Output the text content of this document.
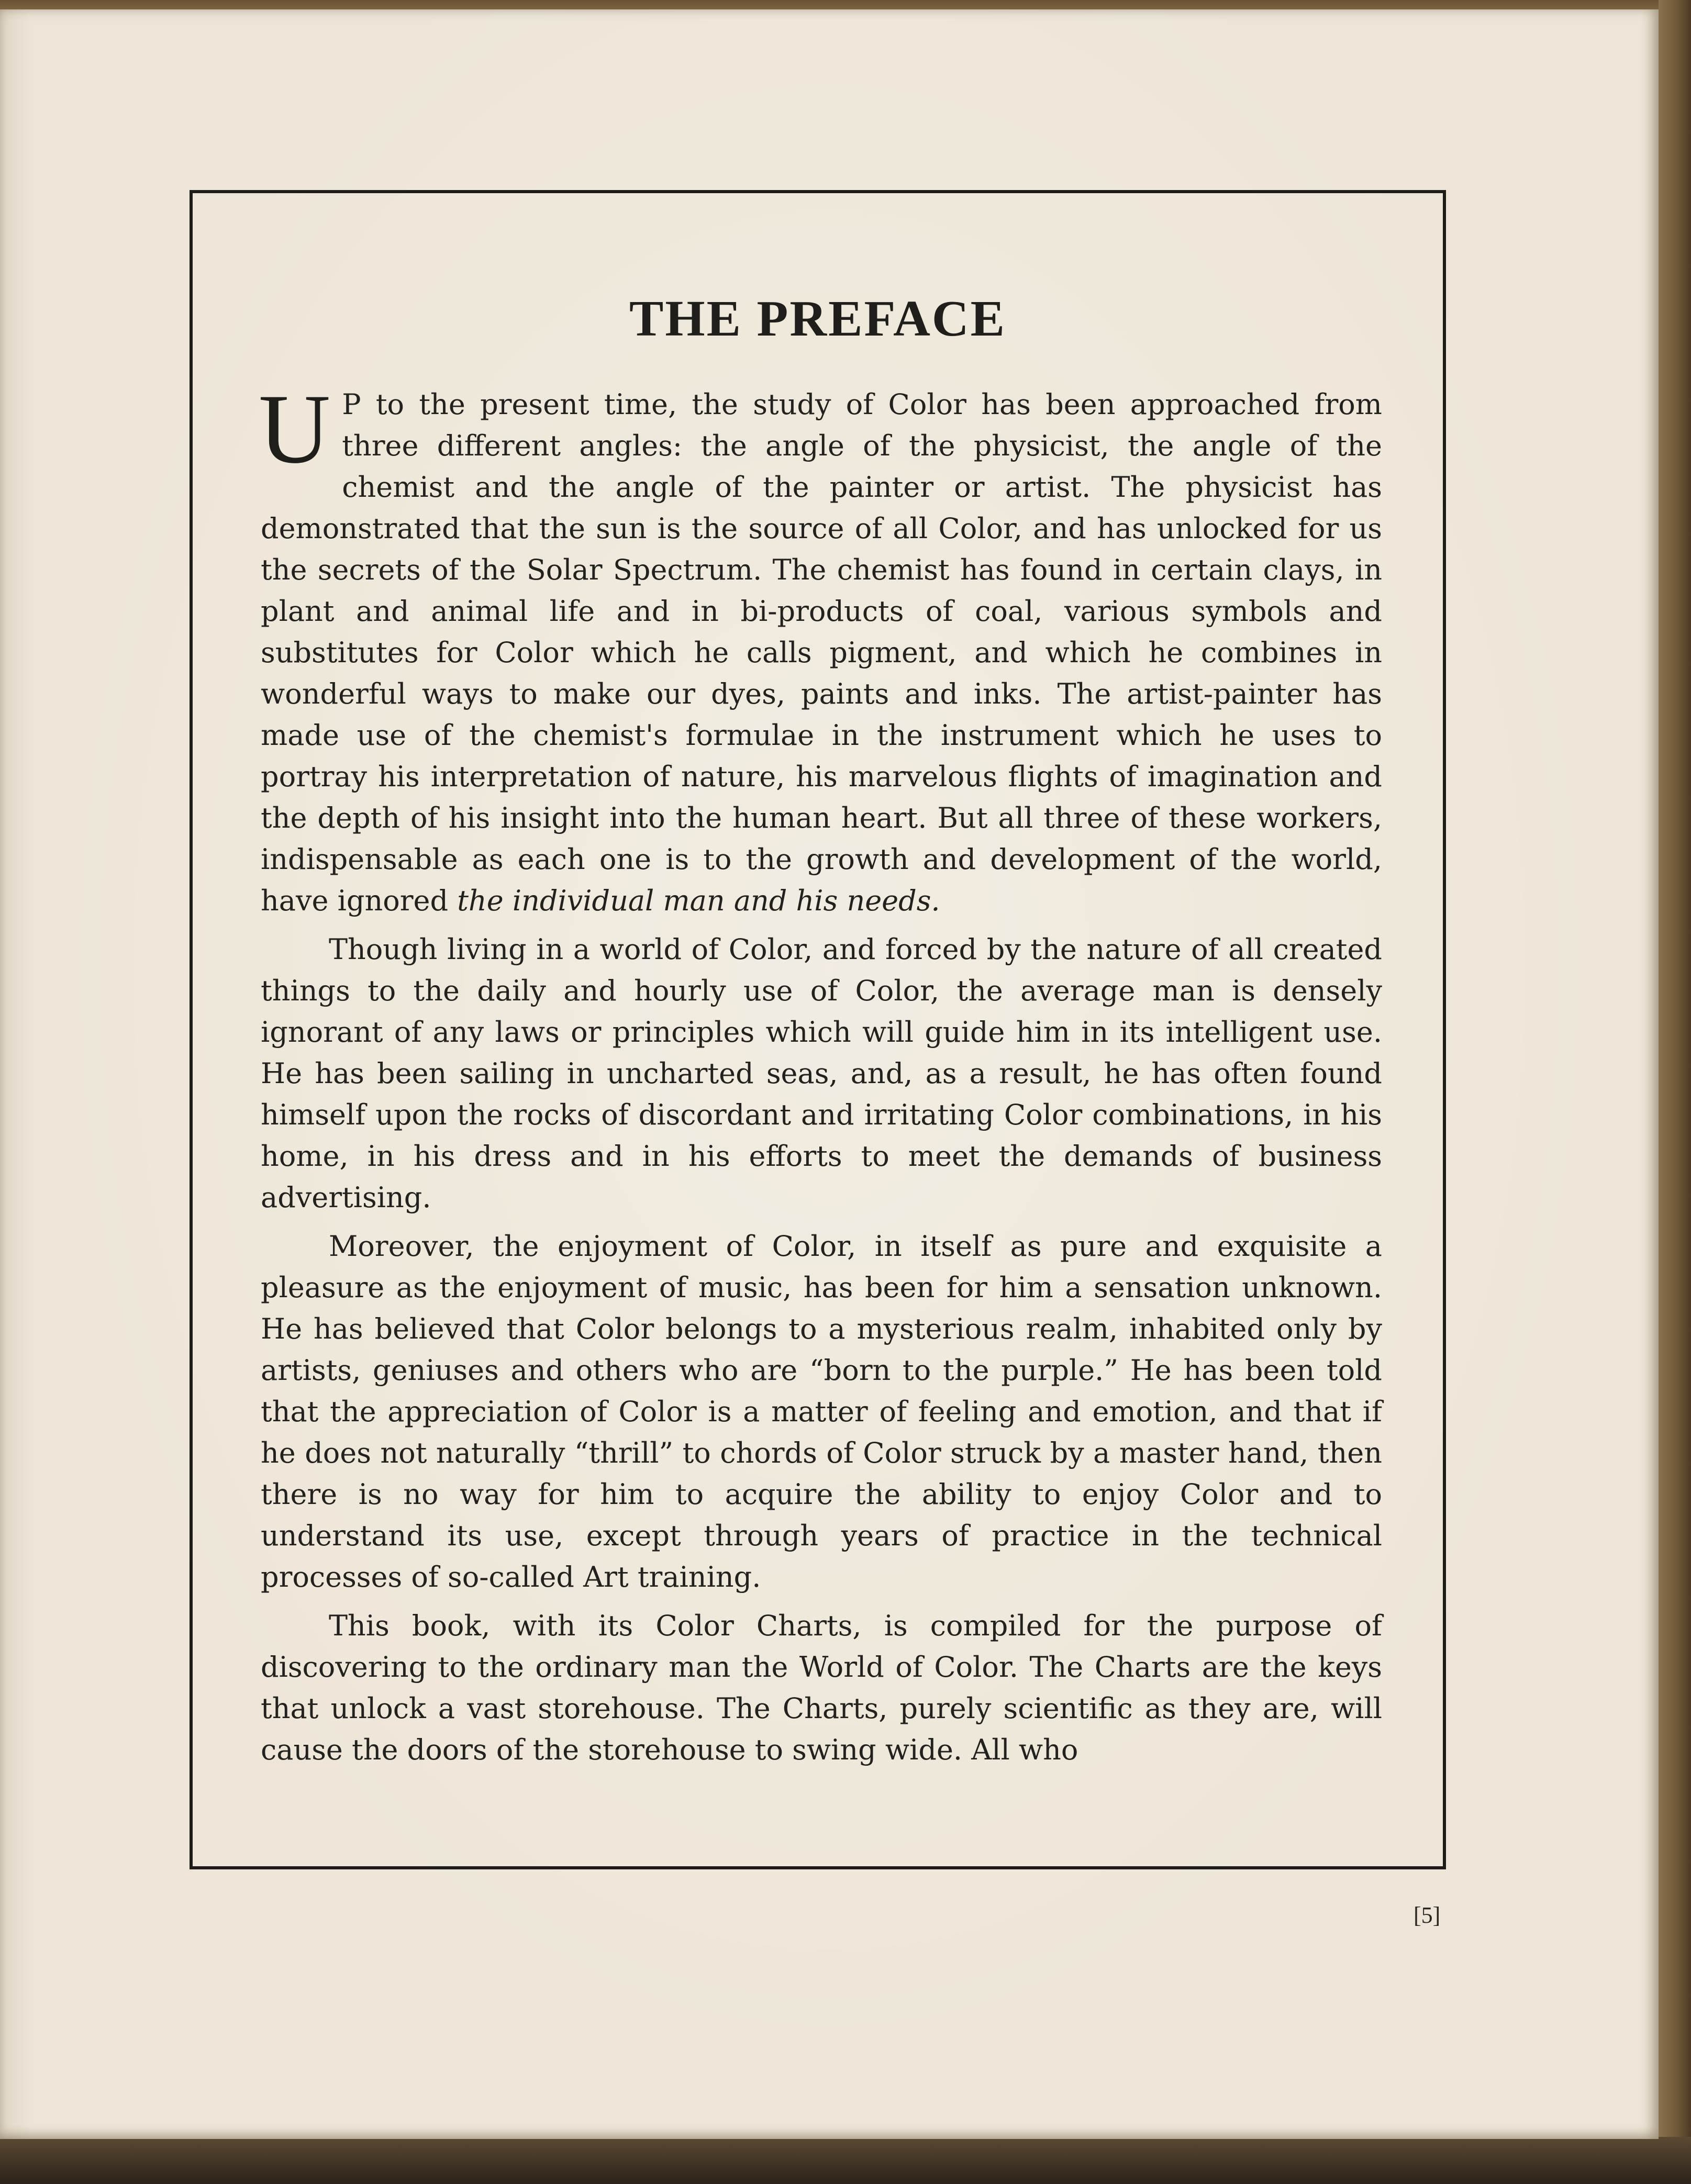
THE PREFACE

U P to the present time, the study of Color has been approached from three different angles: the angle of the physicist, the angle of the chemist and the angle of the painter or artist. The physicist has demonstrated that the sun is the source of all Color, and has unlocked for us the secrets of the Solar Spectrum. The chemist has found in certain clays, in plant and animal life and in bi-products of coal, various symbols and substitutes for Color which he calls pigment, and which he combines in wonderful ways to make our dyes, paints and inks. The artist-painter has made use of the chemist's formulae in the instrument which he uses to portray his interpretation of nature, his marvelous flights of imagination and the depth of his insight into the human heart. But all three of these workers, indispensable as each one is to the growth and development of the world, have ignored the individual man and his needs.

Though living in a world of Color, and forced by the nature of all created things to the daily and hourly use of Color, the average man is densely ignorant of any laws or principles which will guide him in its intelligent use. He has been sailing in uncharted seas, and, as a result, he has often found himself upon the rocks of discordant and irritating Color combinations, in his home, in his dress and in his efforts to meet the demands of business advertising.

Moreover, the enjoyment of Color, in itself as pure and exquisite a pleasure as the enjoyment of music, has been for him a sensation unknown. He has believed that Color belongs to a mysterious realm, inhabited only by artists, geniuses and others who are “born to the purple.” He has been told that the appreciation of Color is a matter of feeling and emotion, and that if he does not naturally “thrill” to chords of Color struck by a master hand, then there is no way for him to acquire the ability to enjoy Color and to understand its use, except through years of practice in the technical processes of so-called Art training.

This book, with its Color Charts, is compiled for the purpose of discovering to the ordinary man the World of Color. The Charts are the keys that unlock a vast storehouse. The Charts, purely scientific as they are, will cause the doors of the storehouse to swing wide. All who

[5]
